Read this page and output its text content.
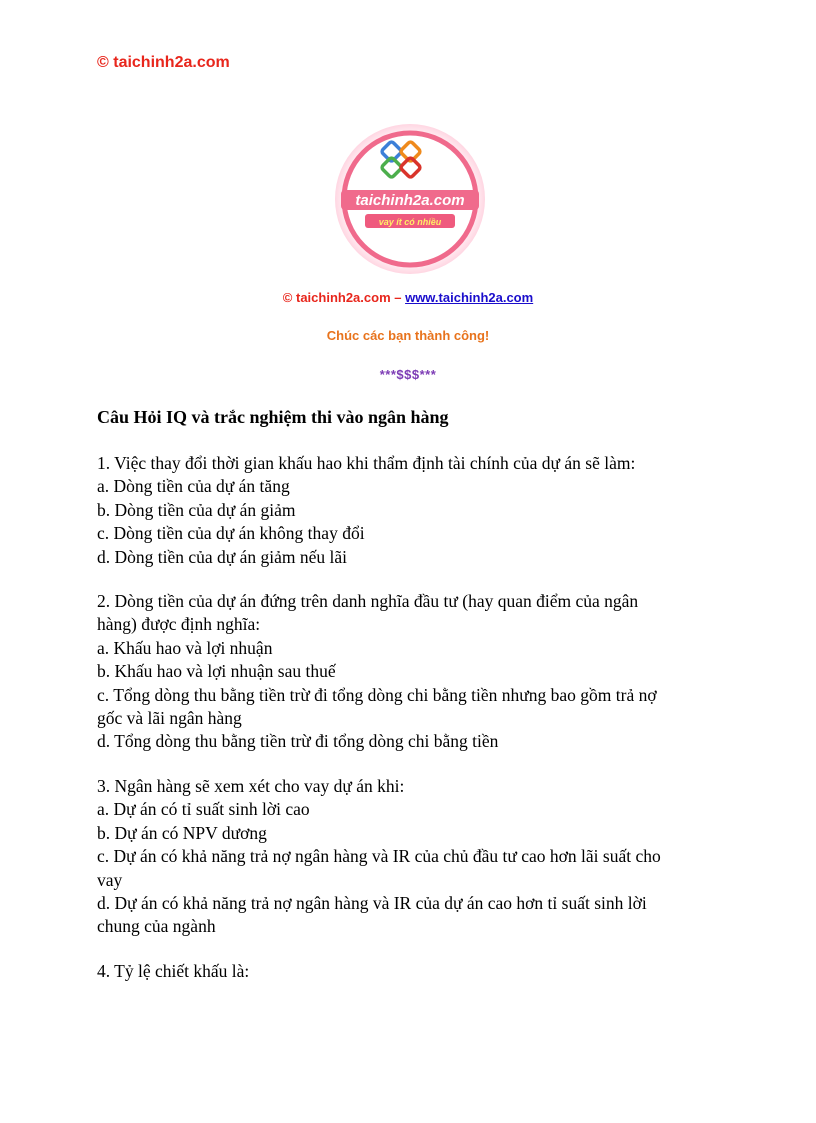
© taichinh2a.com
taichinh2a.com
vay ít có nhiều
© taichinh2a.com – www.taichinh2a.com
Chúc các bạn thành công!
***$$$***
Câu Hỏi IQ và trắc nghiệm thi vào ngân hàng

1. Việc thay đổi thời gian khấu hao khi thẩm định tài chính của dự án sẽ làm:

a. Dòng tiền của dự án tăng

b. Dòng tiền của dự án giảm

c. Dòng tiền của dự án không thay đổi

d. Dòng tiền của dự án giảm nếu lãi

2. Dòng tiền của dự án đứng trên danh nghĩa đầu tư (hay quan điểm của ngân

hàng) được định nghĩa:

a. Khấu hao và lợi nhuận

b. Khấu hao và lợi nhuận sau thuế

c. Tổng dòng thu bằng tiền trừ đi tổng dòng chi bằng tiền nhưng bao gồm trả nợ

gốc và lãi ngân hàng

d. Tổng dòng thu bằng tiền trừ đi tổng dòng chi bằng tiền

3. Ngân hàng sẽ xem xét cho vay dự án khi:

a. Dự án có tỉ suất sinh lời cao

b. Dự án có NPV dương

c. Dự án có khả năng trả nợ ngân hàng và IR của chủ đầu tư cao hơn lãi suất cho

vay

d. Dự án có khả năng trả nợ ngân hàng và IR của dự án cao hơn tỉ suất sinh lời

chung của ngành

4. Tỷ lệ chiết khấu là:
